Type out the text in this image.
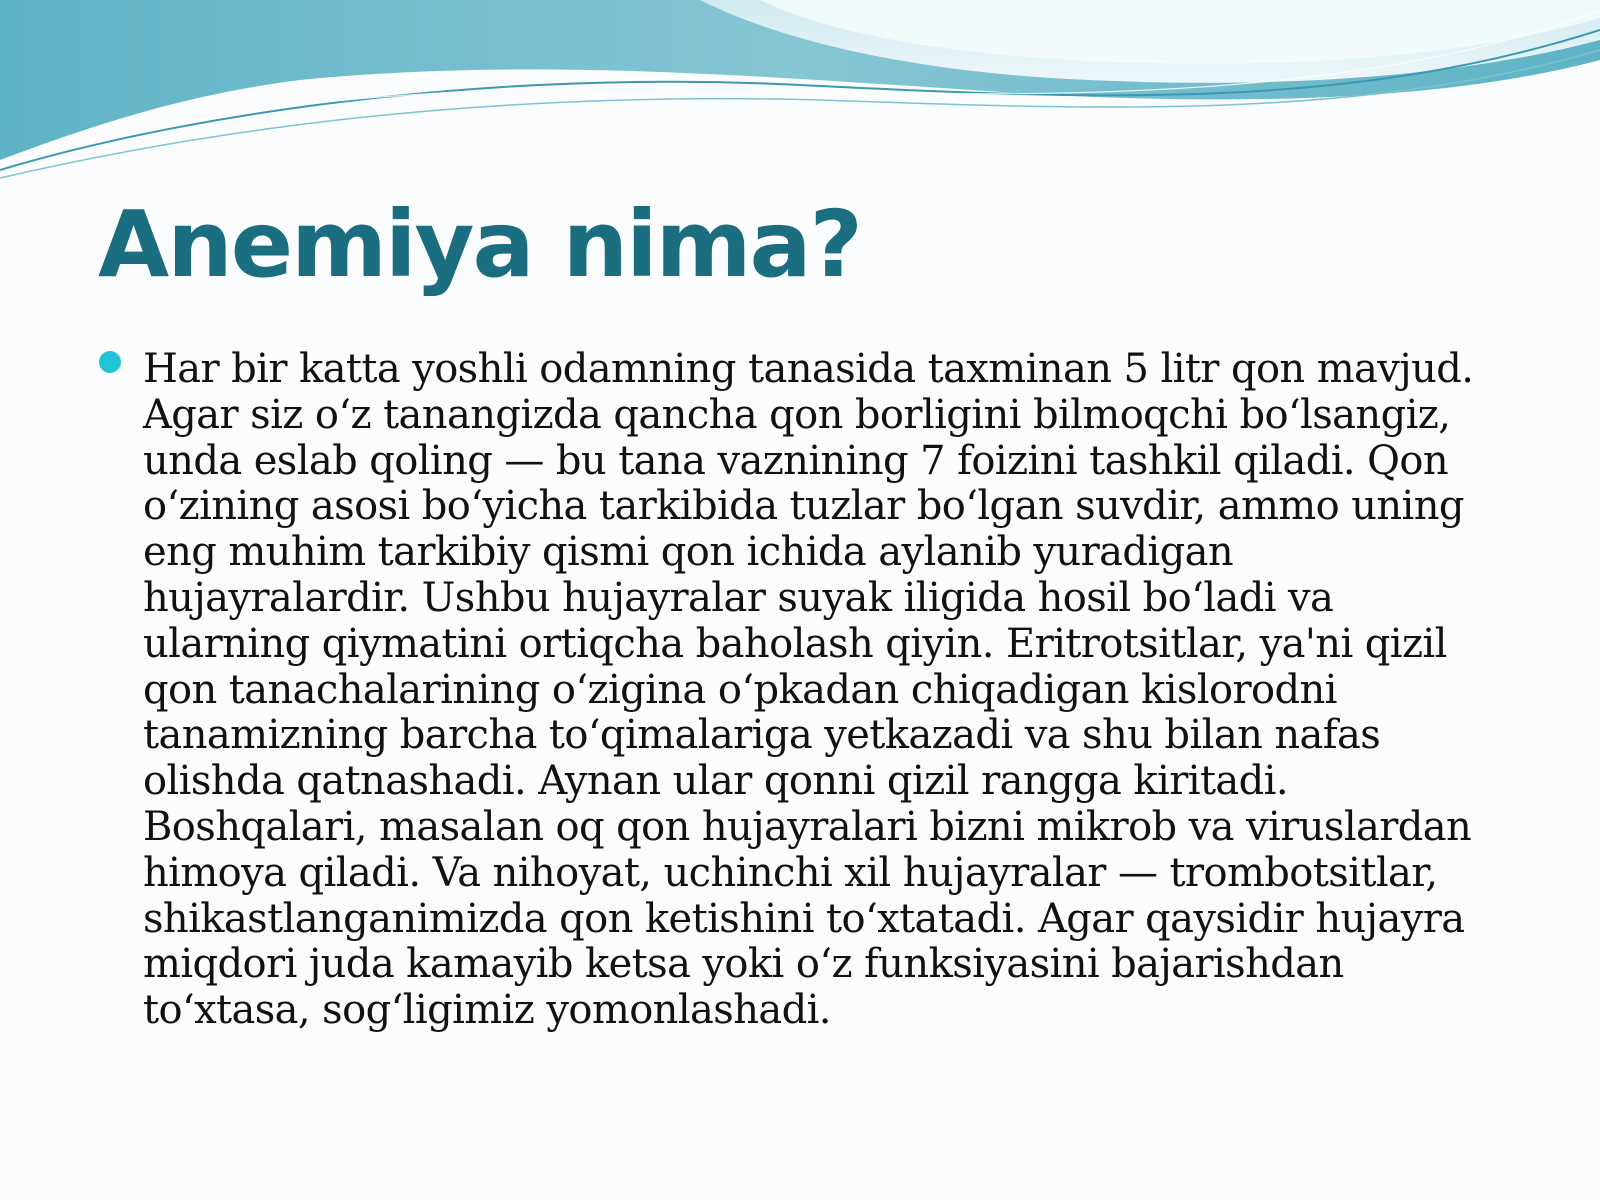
Anemiya nima?
Har bir katta yoshli odamning tanasida taxminan 5 litr qon mavjud. Agar siz o‘z tanangizda qancha qon borligini bilmoqchi bo‘lsangiz, unda eslab qoling — bu tana vaznining 7 foizini tashkil qiladi. Qon o‘zining asosi bo‘yicha tarkibida tuzlar bo‘lgan suvdir, ammo uning eng muhim tarkibiy qismi qon ichida aylanib yuradigan hujayralardir. Ushbu hujayralar suyak iligida hosil bo‘ladi va ularning qiymatini ortiqcha baholash qiyin. Eritrotsitlar, ya'ni qizil qon tanachalarining o‘zigina o‘pkadan chiqadigan kislorodni tanamizning barcha to‘qimalariga yetkazadi va shu bilan nafas olishda qatnashadi. Aynan ular qonni qizil rangga kiritadi. Boshqalari, masalan oq qon hujayralari bizni mikrob va viruslardan himoya qiladi. Va nihoyat, uchinchi xil hujayralar — trombotsitlar, shikastlanganimizda qon ketishini to‘xtatadi. Agar qaysidir hujayra miqdori juda kamayib ketsa yoki o‘z funksiyasini bajarishdan to‘xtasa, sog‘ligimiz yomonlashadi.
